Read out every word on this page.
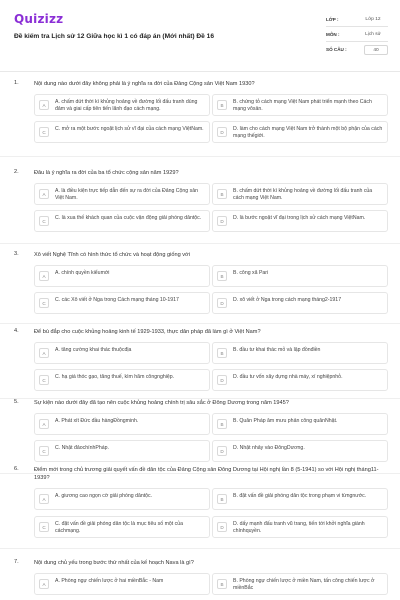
Quizizz
Đề kiểm tra Lịch sử 12 Giữa học kì 1 có đáp án (Mới nhất) Đề 16
LỚP :	Lớp 12
MÔN :	Lịch sử
SỐ CÂU :	40
1.	Nội dung nào dưới đây không phải là ý nghĩa ra đời của Đảng Cộng sản Việt Nam 1930?
A	A. chấm dứt thời kì khủng hoảng về đường lối đấu tranh dùng đảm và giai cấp tiên tiến lãnh đạo cách mạng.
B	B. chứng tỏ cách mạng Việt Nam phát triển mạnh theo Cách mạng vôsản.
C	C. mở ra một bước ngoặt lịch sử vĩ đại của cách mạng ViệtNam.	D	D. làm cho cách mạng Việt Nam trở thành một bộ phận của cách mạng thếgiới.
2.	Đâu là ý nghĩa ra đời của ba tổ chức cộng sản năm 1929?
A	A. là điều kiện trực tiếp dẫn đến sự ra đời của Đảng Cộng sản Việt Nam.
B	B. chấm dứt thời kì khủng hoảng về đường lối đấu tranh của cách mạng Việt Nam.
C	C. là xua thế khách quan của cuộc vận động giải phóng dântộc.	D	D. là bước ngoặt vĩ đại trong lịch sử cách mạng ViệtNam.
3.	Xô viết Nghệ Tĩnh có hình thức tổ chức và hoạt động giống với
A	A. chính quyền kiểumới	B	B. công xã Pari
C	C. các Xô viết ở Nga trong Cách mạng tháng 10-1917	D	D. xô viết ở Nga trong cách mạng tháng2-1917
4.	Để bù đắp cho cuộc khủng hoảng kinh tế 1929-1933, thực dân pháp đã làm gì ở Việt Nam?
A	A. tăng cường khai thác thuộcđịa	B	B. đầu tư khai thác mỏ và lập đồnđiền
C	C. hạ giá thóc gạo, tăng thuế, kìm hãm côngnghiệp.	D	D. đầu tư vốn xây dựng nhà máy, xí nghiệpnhỏ.
5.	Sự kiện nào dưới đây đã tạo nên cuộc khủng hoảng chính trị sâu sắc ở Đông Dương trong năm 1945?
A	A. Phát xít Đức đầu hàngĐồngminh.	B	B. Quân Pháp âm mưu phản công quânNhật.
C	C. Nhật đảochínhPháp.	D	D. Nhật nhảy vào ĐôngDương.
6.	Điểm mới trong chủ trương giải quyết vấn đề dân tộc của Đảng Cộng sản Đông Dương tại Hội nghị lần 8 (5-1941) so với Hội nghị tháng11-1939?
A	A. giương cao ngọn cờ giải phóng dântộc.	B	B. đặt vấn đề giải phóng dân tộc trong phạm vi từngnước.
C	C. đặt vấn đề giải phóng dân tộc là mục tiêu số một của cáchmạng.
D	D. dấy mạnh đấu tranh vũ trang, tiến tới khởi nghĩa giành chínhquyền.
7.	Nội dung chủ yếu trong bước thứ nhất của kế hoạch Nava là gì?
A	A. Phòng ngự chiến lược ở hai miềnBắc - Nam	B	B. Phòng ngự chiến lược ở miền Nam, tấn công chiến lược ở miềnBắc
